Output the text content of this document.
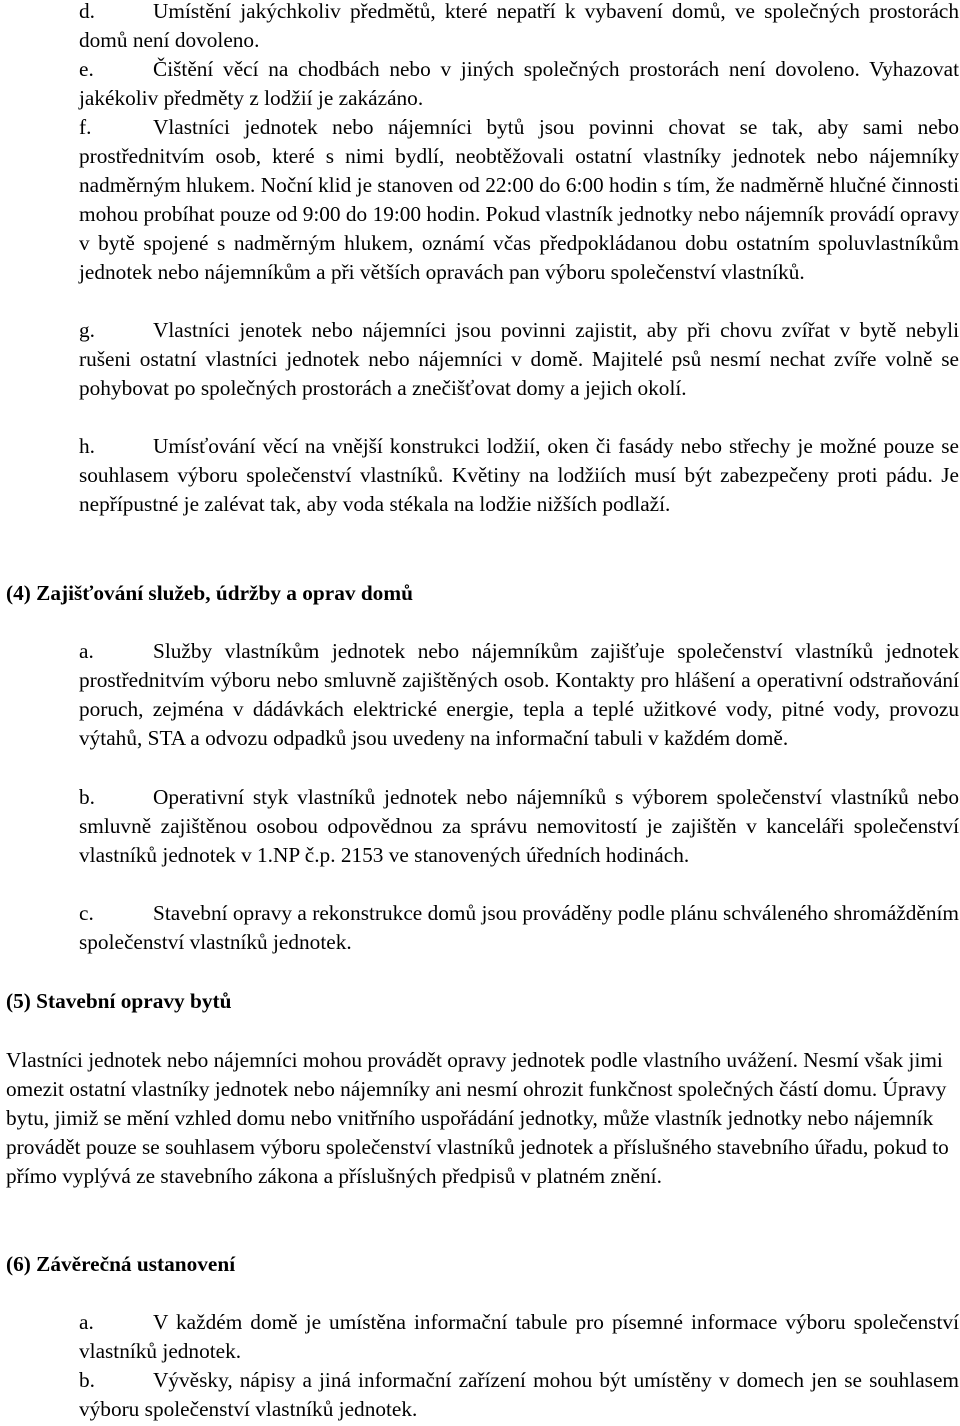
d.	Umístění jakýchkoliv předmětů, které nepatří k vybavení domů, ve společných prostorách domů není dovoleno.
e.	Čištění věcí na chodbách nebo v jiných společných prostorách není dovoleno. Vyhazovat jakékoliv předměty z lodžií je zakázáno.
f.	Vlastníci jednotek nebo nájemníci bytů jsou povinni chovat se tak, aby sami nebo prostřednitvím osob, které s nimi bydlí, neobtěžovali ostatní vlastníky jednotek nebo nájemníky nadměrným hlukem. Noční klid je stanoven od 22:00 do 6:00 hodin s tím, že nadměrně hlučné činnosti mohou probíhat pouze od 9:00 do 19:00 hodin. Pokud vlastník jednotky nebo nájemník provádí opravy v bytě spojené s nadměrným hlukem, oznámí včas předpokládanou dobu ostatním spoluvlastníkům jednotek nebo nájemníkům a při větších opravách pan výboru společenství vlastníků.
g.	Vlastníci jenotek nebo nájemníci jsou povinni zajistit, aby při chovu zvířat v bytě nebyli rušeni ostatní vlastníci jednotek nebo nájemníci v domě. Majitelé psů nesmí nechat zvíře volně se pohybovat po společných prostorách a znečišťovat domy a jejich okolí.
h.	Umísťování věcí na vnější konstrukci lodžií, oken či fasády nebo střechy je možné pouze se souhlasem výboru společenství vlastníků. Květiny na lodžiích musí být zabezpečeny proti pádu. Je nepřípustné je zalévat tak, aby voda stékala na lodžie nižších podlaží.
(4) Zajišťování služeb, údržby a oprav domů
a.	Služby vlastníkům jednotek nebo nájemníkům zajišťuje společenství vlastníků jednotek prostřednitvím výboru nebo smluvně zajištěných osob. Kontakty pro hlášení a operativní odstraňování poruch, zejména v dádávkách elektrické energie, tepla a teplé užitkové vody, pitné vody, provozu výtahů, STA a odvozu odpadků jsou uvedeny na informační tabuli v každém domě.
b.	Operativní styk vlastníků jednotek nebo nájemníků s výborem společenství vlastníků nebo smluvně zajištěnou osobou odpovědnou za správu nemovitostí je zajištěn v kanceláři společenství vlastníků jednotek v 1.NP č.p. 2153 ve stanovených úředních hodinách.
c.	Stavební opravy a rekonstrukce domů jsou prováděny podle plánu schváleného shromážděním společenství vlastníků jednotek.
(5) Stavební opravy bytů
Vlastníci jednotek nebo nájemníci mohou provádět opravy jednotek podle vlastního uvážení. Nesmí však jimi omezit ostatní vlastníky jednotek nebo nájemníky ani nesmí ohrozit funkčnost společných částí domu. Úpravy bytu, jimiž se mění vzhled domu nebo vnitřního uspořádání jednotky, může vlastník jednotky nebo nájemník provádět pouze se souhlasem výboru společenství vlastníků jednotek a příslušného stavebního úřadu, pokud to přímo vyplývá ze stavebního zákona a příslušných předpisů v platném znění.
(6) Závěrečná ustanovení
a.	V každém domě je umístěna informační tabule pro písemné informace výboru společenství vlastníků jednotek.
b.	Vývěsky, nápisy a jiná informační zařízení mohou být umístěny v domech jen se souhlasem výboru společenství vlastníků jednotek.
